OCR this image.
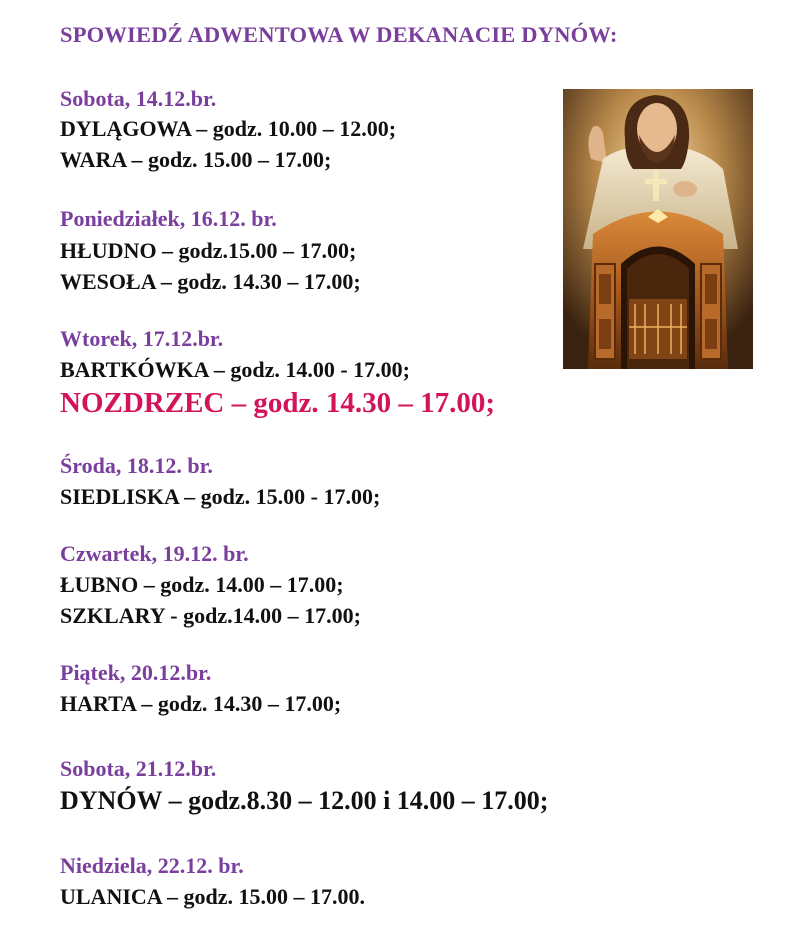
SPOWIEDŹ ADWENTOWA W DEKANACIE DYNÓW:
Sobota, 14.12.br.
DYLĄGOWA – godz. 10.00 – 12.00;
WARA – godz. 15.00 – 17.00;
Poniedziałek, 16.12. br.
HŁUDNO – godz.15.00 – 17.00;
WESOŁA – godz. 14.30 – 17.00;
Wtorek, 17.12.br.
BARTKÓWKA – godz. 14.00 - 17.00;
NOZDRZEC – godz. 14.30 – 17.00;
Środa, 18.12. br.
SIEDLISKA – godz. 15.00 - 17.00;
Czwartek, 19.12. br.
ŁUBNO – godz. 14.00 – 17.00;
SZKLARY - godz.14.00 – 17.00;
Piątek, 20.12.br.
HARTA – godz. 14.30 – 17.00;
Sobota, 21.12.br.
DYNÓW – godz.8.30 – 12.00 i 14.00 – 17.00;
Niedziela, 22.12. br.
ULANICA – godz. 15.00 – 17.00.
